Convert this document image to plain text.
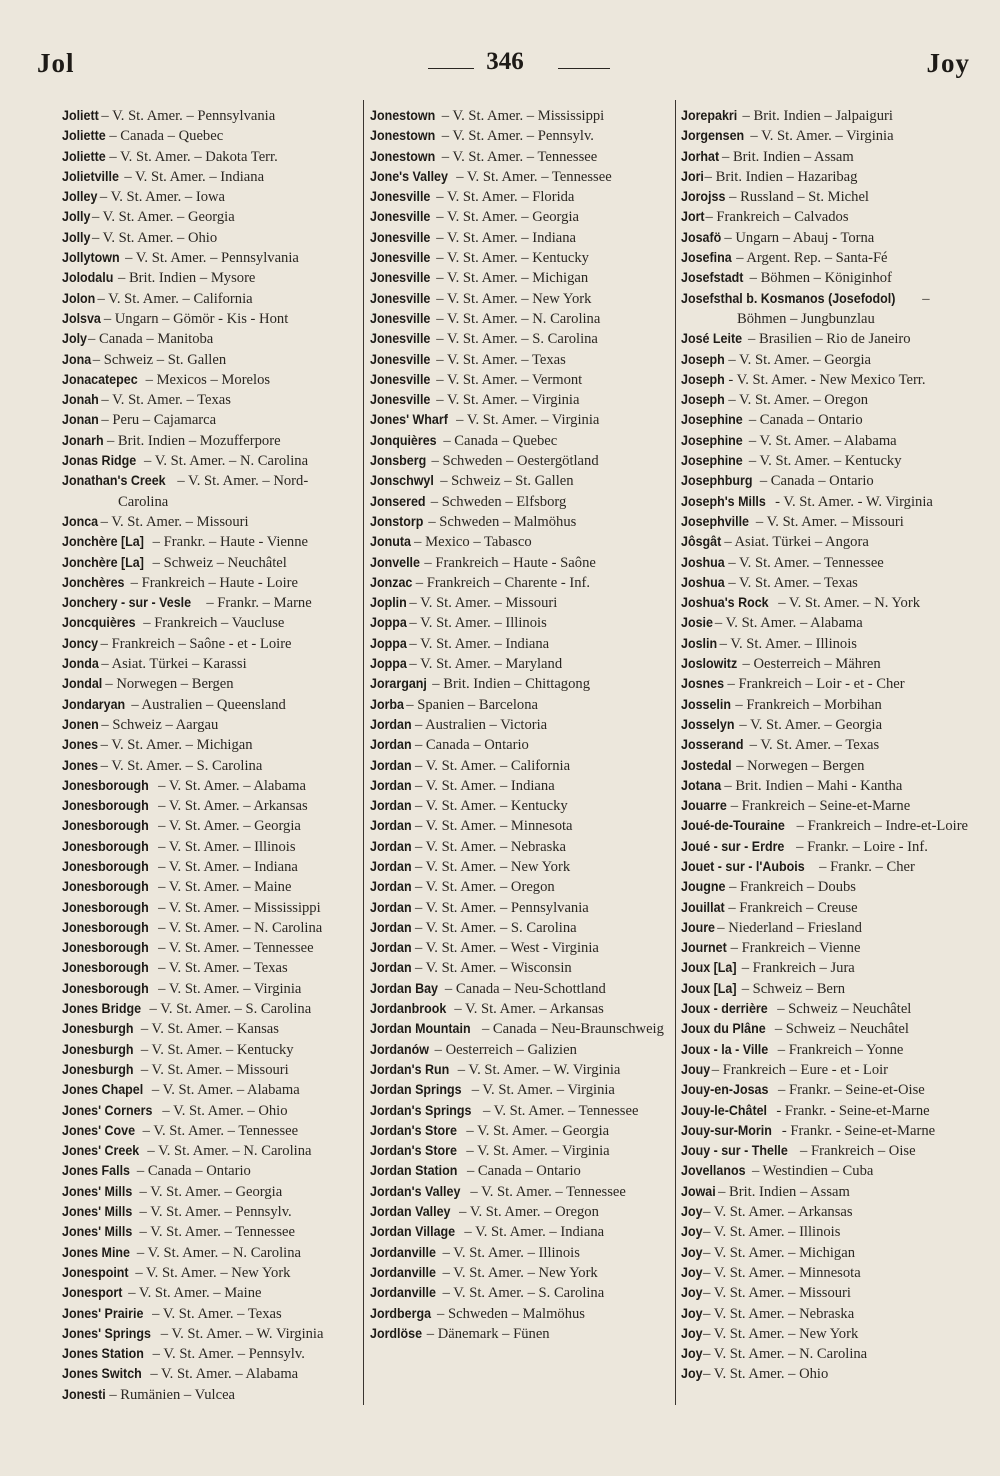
Jol	346	Joy
Joliett – V. St. Amer. – Pennsylvania
Joliette – Canada – Quebec
Joliette – V. St. Amer. – Dakota Terr.
Jolietville – V. St. Amer. – Indiana
Jolley – V. St. Amer. – Iowa
Jolly – V. St. Amer. – Georgia
Jolly – V. St. Amer. – Ohio
Jollytown – V. St. Amer. – Pennsylvania
Jolodalu – Brit. Indien – Mysore
Jolon – V. St. Amer. – California
Jolsva – Ungarn – Gömör - Kis - Hont
Joly – Canada – Manitoba
Jona – Schweiz – St. Gallen
Jonacatepec – Mexicos – Morelos
Jonah – V. St. Amer. – Texas
Jonan – Peru – Cajamarca
Jonarh – Brit. Indien – Mozufferpore
Jonas Ridge – V. St. Amer. – N. Carolina
Jonathan's Creek – V. St. Amer. – Nord-Carolina
Jonca – V. St. Amer. – Missouri
Jonchère [La] – Frankr. – Haute - Vienne
Jonchère [La] – Schweiz – Neuchâtel
Jonchères – Frankreich – Haute - Loire
Jonchery - sur - Vesle – Frankr. – Marne
Joncquières – Frankreich – Vaucluse
Joncy – Frankreich – Saône - et - Loire
Jonda – Asiat. Türkei – Karassi
Jondal – Norwegen – Bergen
Jondaryan – Australien – Queensland
Jonen – Schweiz – Aargau
Jones – V. St. Amer. – Michigan
Jones – V. St. Amer. – S. Carolina
Jonesborough – V. St. Amer. – Alabama
Jonesborough – V. St. Amer. – Arkansas
Jonesborough – V. St. Amer. – Georgia
Jonesborough – V. St. Amer. – Illinois
Jonesborough – V. St. Amer. – Indiana
Jonesborough – V. St. Amer. – Maine
Jonesborough – V. St. Amer. – Mississippi
Jonesborough – V. St. Amer. – N. Carolina
Jonesborough – V. St. Amer. – Tennessee
Jonesborough – V. St. Amer. – Texas
Jonesborough – V. St. Amer. – Virginia
Jones Bridge – V. St. Amer. – S. Carolina
Jonesburgh – V. St. Amer. – Kansas
Jonesburgh – V. St. Amer. – Kentucky
Jonesburgh – V. St. Amer. – Missouri
Jones Chapel – V. St. Amer. – Alabama
Jones' Corners – V. St. Amer. – Ohio
Jones' Cove – V. St. Amer. – Tennessee
Jones' Creek – V. St. Amer. – N. Carolina
Jones Falls – Canada – Ontario
Jones' Mills – V. St. Amer. – Georgia
Jones' Mills – V. St. Amer. – Pennsylv.
Jones' Mills – V. St. Amer. – Tennessee
Jones Mine – V. St. Amer. – N. Carolina
Jonespoint – V. St. Amer. – New York
Jonesport – V. St. Amer. – Maine
Jones' Prairie – V. St. Amer. – Texas
Jones' Springs – V. St. Amer. – W. Virginia
Jones Station – V. St. Amer. – Pennsylv.
Jones Switch – V. St. Amer. – Alabama
Jonesti – Rumänien – Vulcea
Jonestown – V. St. Amer. – Mississippi
Jonestown – V. St. Amer. – Pennsylv.
Jonestown – V. St. Amer. – Tennessee
Jone's Valley – V. St. Amer. – Tennessee
Jonesville – V. St. Amer. – Florida
Jonesville – V. St. Amer. – Georgia
Jonesville – V. St. Amer. – Indiana
Jonesville – V. St. Amer. – Kentucky
Jonesville – V. St. Amer. – Michigan
Jonesville – V. St. Amer. – New York
Jonesville – V. St. Amer. – N. Carolina
Jonesville – V. St. Amer. – S. Carolina
Jonesville – V. St. Amer. – Texas
Jonesville – V. St. Amer. – Vermont
Jonesville – V. St. Amer. – Virginia
Jones' Wharf – V. St. Amer. – Virginia
Jonquières – Canada – Quebec
Jonsberg – Schweden – Oestergötland
Jonschwyl – Schweiz – St. Gallen
Jonsered – Schweden – Elfsborg
Jonstorp – Schweden – Malmöhus
Jonuta – Mexico – Tabasco
Jonvelle – Frankreich – Haute - Saône
Jonzac – Frankreich – Charente - Inf.
Joplin – V. St. Amer. – Missouri
Joppa – V. St. Amer. – Illinois
Joppa – V. St. Amer. – Indiana
Joppa – V. St. Amer. – Maryland
Jorarganj – Brit. Indien – Chittagong
Jorba – Spanien – Barcelona
Jordan – Australien – Victoria
Jordan – Canada – Ontario
Jordan – V. St. Amer. – California
Jordan – V. St. Amer. – Indiana
Jordan – V. St. Amer. – Kentucky
Jordan – V. St. Amer. – Minnesota
Jordan – V. St. Amer. – Nebraska
Jordan – V. St. Amer. – New York
Jordan – V. St. Amer. – Oregon
Jordan – V. St. Amer. – Pennsylvania
Jordan – V. St. Amer. – S. Carolina
Jordan – V. St. Amer. – West - Virginia
Jordan – V. St. Amer. – Wisconsin
Jordan Bay – Canada – Neu-Schottland
Jordanbrook – V. St. Amer. – Arkansas
Jordan Mountain – Canada – Neu-Braunschweig
Jordanów – Oesterreich – Galizien
Jordan's Run – V. St. Amer. – W. Virginia
Jordan Springs – V. St. Amer. – Virginia
Jordan's Springs – V. St. Amer. – Tennessee
Jordan's Store – V. St. Amer. – Georgia
Jordan's Store – V. St. Amer. – Virginia
Jordan Station – Canada – Ontario
Jordan's Valley – V. St. Amer. – Tennessee
Jordan Valley – V. St. Amer. – Oregon
Jordan Village – V. St. Amer. – Indiana
Jordanville – V. St. Amer. – Illinois
Jordanville – V. St. Amer. – New York
Jordanville – V. St. Amer. – S. Carolina
Jordberga – Schweden – Malmöhus
Jordlöse – Dänemark – Fünen
Jorepakri – Brit. Indien – Jalpaiguri
Jorgensen – V. St. Amer. – Virginia
Jorhat – Brit. Indien – Assam
Jori – Brit. Indien – Hazaribag
Jorojss – Russland – St. Michel
Jort – Frankreich – Calvados
Josafö – Ungarn – Abauj - Torna
Josefina – Argent. Rep. – Santa-Fé
Josefstadt – Böhmen – Königinhof
Josefsthal b. Kosmanos (Josefodol) – Böhmen – Jungbunzlau
José Leite – Brasilien – Rio de Janeiro
Joseph – V. St. Amer. – Georgia
Joseph - V. St. Amer. - New Mexico Terr.
Joseph – V. St. Amer. – Oregon
Josephine – Canada – Ontario
Josephine – V. St. Amer. – Alabama
Josephine – V. St. Amer. – Kentucky
Josephburg – Canada – Ontario
Joseph's Mills - V. St. Amer. - W. Virginia
Josephville – V. St. Amer. – Missouri
Jôsgât – Asiat. Türkei – Angora
Joshua – V. St. Amer. – Tennessee
Joshua – V. St. Amer. – Texas
Joshua's Rock – V. St. Amer. – N. York
Josie – V. St. Amer. – Alabama
Joslin – V. St. Amer. – Illinois
Joslowitz – Oesterreich – Mähren
Josnes – Frankreich – Loir - et - Cher
Josselin – Frankreich – Morbihan
Josselyn – V. St. Amer. – Georgia
Josserand – V. St. Amer. – Texas
Jostedal – Norwegen – Bergen
Jotana – Brit. Indien – Mahi - Kantha
Jouarre – Frankreich – Seine-et-Marne
Joué-de-Touraine – Frankreich – Indre-et-Loire
Joué - sur - Erdre – Frankr. – Loire - Inf.
Jouet - sur - l'Aubois – Frankr. – Cher
Jougne – Frankreich – Doubs
Jouillat – Frankreich – Creuse
Joure – Niederland – Friesland
Journet – Frankreich – Vienne
Joux [La] – Frankreich – Jura
Joux [La] – Schweiz – Bern
Joux - derrière – Schweiz – Neuchâtel
Joux du Plâne – Schweiz – Neuchâtel
Joux - la - Ville – Frankreich – Yonne
Jouy – Frankreich – Eure - et - Loir
Jouy-en-Josas – Frankr. – Seine-et-Oise
Jouy-le-Châtel - Frankr. - Seine-et-Marne
Jouy-sur-Morin - Frankr. - Seine-et-Marne
Jouy - sur - Thelle – Frankreich – Oise
Jovellanos – Westindien – Cuba
Jowai – Brit. Indien – Assam
Joy – V. St. Amer. – Arkansas
Joy – V. St. Amer. – Illinois
Joy – V. St. Amer. – Michigan
Joy – V. St. Amer. – Minnesota
Joy – V. St. Amer. – Missouri
Joy – V. St. Amer. – Nebraska
Joy – V. St. Amer. – New York
Joy – V. St. Amer. – N. Carolina
Joy – V. St. Amer. – Ohio
